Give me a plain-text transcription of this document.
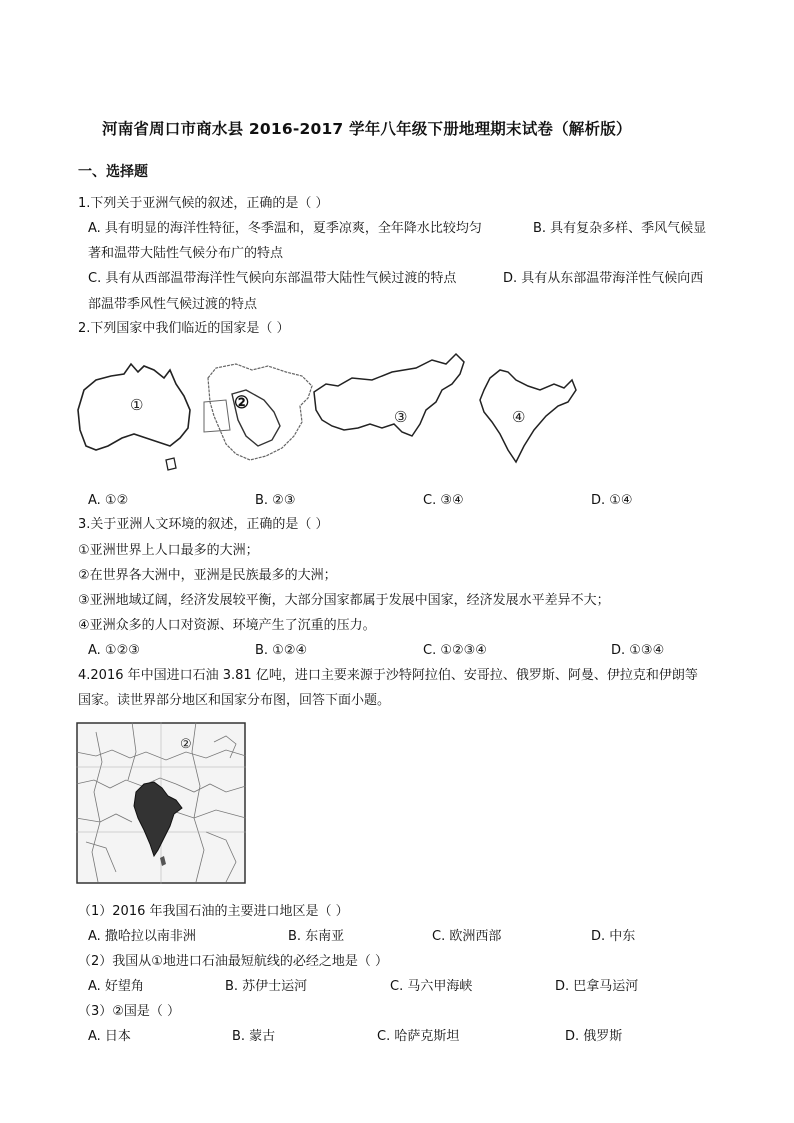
河南省周口市商水县 2016-2017 学年八年级下册地理期末试卷（解析版）
一、选择题
1.下列关于亚洲气候的叙述，正确的是（ ）
A. 具有明显的海洋性特征，冬季温和，夏季凉爽，全年降水比较均匀	B. 具有复杂多样、季风气候显
著和温带大陆性气候分布广的特点
C. 具有从西部温带海洋性气候向东部温带大陆性气候过渡的特点	D. 具有从东部温带海洋性气候向西
部温带季风性气候过渡的特点
2.下列国家中我们临近的国家是（ ）
①	②
③	④
A. ①②	B. ②③	C. ③④	D. ①④
3.关于亚洲人文环境的叙述，正确的是（ ）
①亚洲世界上人口最多的大洲；
②在世界各大洲中，亚洲是民族最多的大洲；
③亚洲地域辽阔，经济发展较平衡，大部分国家都属于发展中国家，经济发展水平差异不大；
④亚洲众多的人口对资源、环境产生了沉重的压力。
A. ①②③	B. ①②④	C. ①②③④	D. ①③④
4.2016 年中国进口石油 3.81 亿吨，进口主要来源于沙特阿拉伯、安哥拉、俄罗斯、阿曼、伊拉克和伊朗等
国家。读世界部分地区和国家分布图，回答下面小题。
②
（1）2016 年我国石油的主要进口地区是（ ）
A. 撒哈拉以南非洲	B. 东南亚	C. 欧洲西部	D. 中东
（2）我国从①地进口石油最短航线的必经之地是（ ）
A. 好望角	B. 苏伊士运河	C. 马六甲海峡	D. 巴拿马运河
（3）②国是（ ）
A. 日本	B. 蒙古	C. 哈萨克斯坦	D. 俄罗斯
